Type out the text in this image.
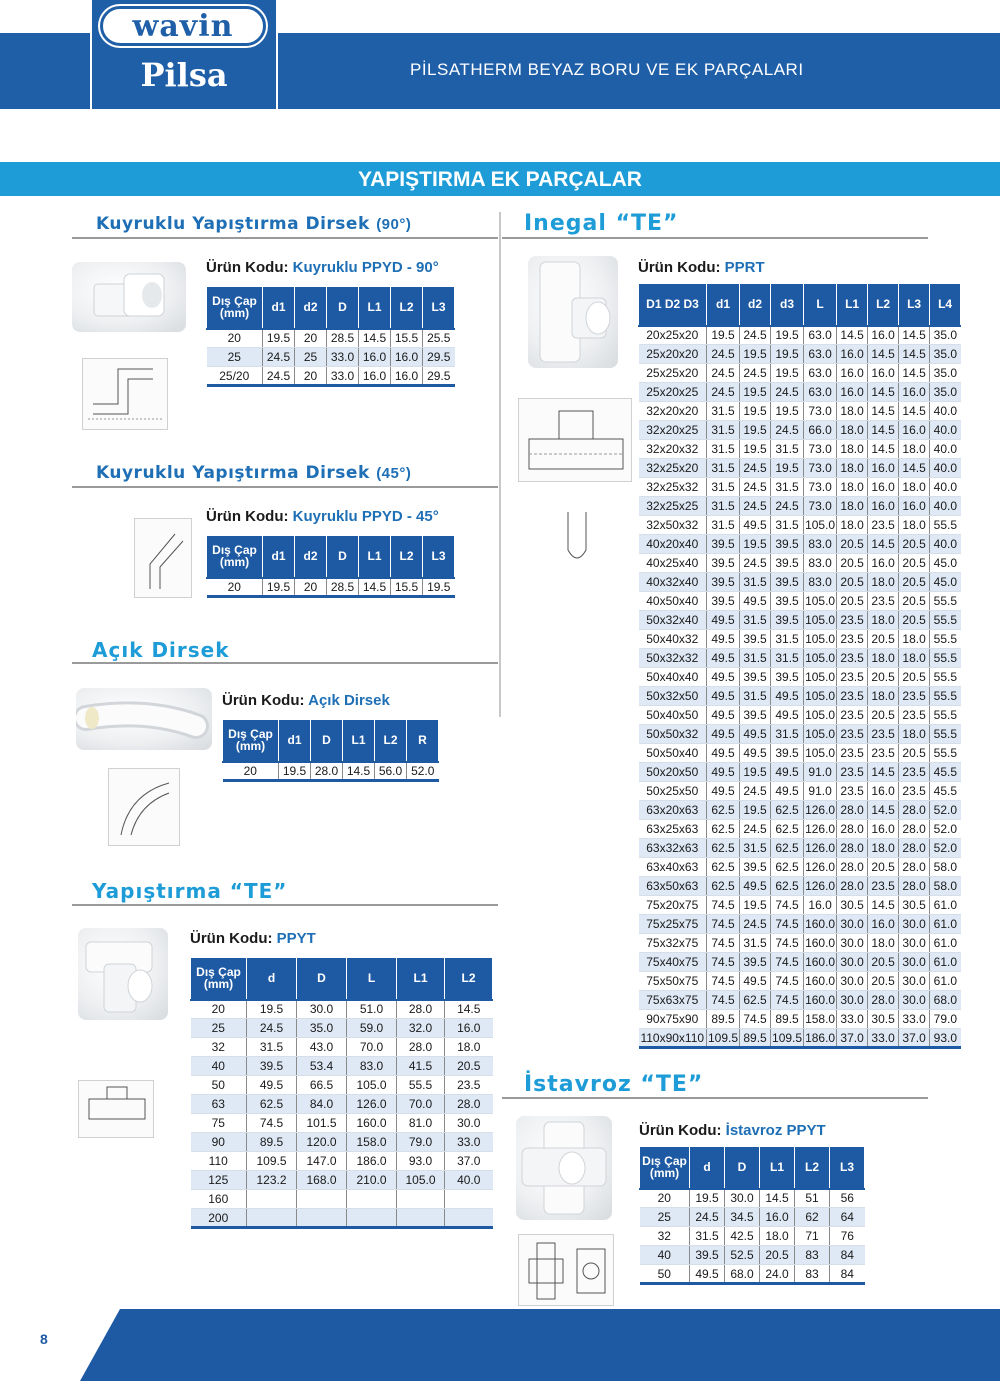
wavin
Pilsa	PİLSATHERM BEYAZ BORU VE EK PARÇALARI
YAPIŞTIRMA EK PARÇALAR
Kuyruklu Yapıştırma Dirsek (90°)
Ürün Kodu: Kuyruklu PPYD - 90°
Dış Çap (mm)	d1	d2	D	L1	L2	L3
20	19.5	20	28.5	14.5	15.5	25.5
25	24.5	25	33.0	16.0	16.0	29.5
25/20	24.5	20	33.0	16.0	16.0	29.5
Kuyruklu Yapıştırma Dirsek (45°)
Ürün Kodu: Kuyruklu PPYD - 45°
Dış Çap (mm)	d1	d2	D	L1	L2	L3
20	19.5	20	28.5	14.5	15.5	19.5
Açık Dirsek
Ürün Kodu: Açık Dirsek
Dış Çap (mm)	d1	D	L1	L2	R
20	19.5	28.0	14.5	56.0	52.0
Yapıştırma “TE”
Ürün Kodu: PPYT
Dış Çap (mm)	d	D	L	L1	L2
20	19.5	30.0	51.0	28.0	14.5
25	24.5	35.0	59.0	32.0	16.0
32	31.5	43.0	70.0	28.0	18.0
40	39.5	53.4	83.0	41.5	20.5
50	49.5	66.5	105.0	55.5	23.5
63	62.5	84.0	126.0	70.0	28.0
75	74.5	101.5	160.0	81.0	30.0
90	89.5	120.0	158.0	79.0	33.0
110	109.5	147.0	186.0	93.0	37.0
125	123.2	168.0	210.0	105.0	40.0
160					
200					
Inegal “TE”
Ürün Kodu: PPRT
D1 D2 D3	d1	d2	d3	L	L1	L2	L3	L4
20x25x20	19.5	24.5	19.5	63.0	14.5	16.0	14.5	35.0
25x20x20	24.5	19.5	19.5	63.0	16.0	14.5	14.5	35.0
25x25x20	24.5	24.5	19.5	63.0	16.0	16.0	14.5	35.0
25x20x25	24.5	19.5	24.5	63.0	16.0	14.5	16.0	35.0
32x20x20	31.5	19.5	19.5	73.0	18.0	14.5	14.5	40.0
32x20x25	31.5	19.5	24.5	66.0	18.0	14.5	16.0	40.0
32x20x32	31.5	19.5	31.5	73.0	18.0	14.5	18.0	40.0
32x25x20	31.5	24.5	19.5	73.0	18.0	16.0	14.5	40.0
32x25x32	31.5	24.5	31.5	73.0	18.0	16.0	18.0	40.0
32x25x25	31.5	24.5	24.5	73.0	18.0	16.0	16.0	40.0
32x50x32	31.5	49.5	31.5	105.0	18.0	23.5	18.0	55.5
40x20x40	39.5	19.5	39.5	83.0	20.5	14.5	20.5	40.0
40x25x40	39.5	24.5	39.5	83.0	20.5	16.0	20.5	45.0
40x32x40	39.5	31.5	39.5	83.0	20.5	18.0	20.5	45.0
40x50x40	39.5	49.5	39.5	105.0	20.5	23.5	20.5	55.5
50x32x40	49.5	31.5	39.5	105.0	23.5	18.0	20.5	55.5
50x40x32	49.5	39.5	31.5	105.0	23.5	20.5	18.0	55.5
50x32x32	49.5	31.5	31.5	105.0	23.5	18.0	18.0	55.5
50x40x40	49.5	39.5	39.5	105.0	23.5	20.5	20.5	55.5
50x32x50	49.5	31.5	49.5	105.0	23.5	18.0	23.5	55.5
50x40x50	49.5	39.5	49.5	105.0	23.5	20.5	23.5	55.5
50x50x32	49.5	49.5	31.5	105.0	23.5	23.5	18.0	55.5
50x50x40	49.5	49.5	39.5	105.0	23.5	23.5	20.5	55.5
50x20x50	49.5	19.5	49.5	91.0	23.5	14.5	23.5	45.5
50x25x50	49.5	24.5	49.5	91.0	23.5	16.0	23.5	45.5
63x20x63	62.5	19.5	62.5	126.0	28.0	14.5	28.0	52.0
63x25x63	62.5	24.5	62.5	126.0	28.0	16.0	28.0	52.0
63x32x63	62.5	31.5	62.5	126.0	28.0	18.0	28.0	52.0
63x40x63	62.5	39.5	62.5	126.0	28.0	20.5	28.0	58.0
63x50x63	62.5	49.5	62.5	126.0	28.0	23.5	28.0	58.0
75x20x75	74.5	19.5	74.5	16.0	30.5	14.5	30.5	61.0
75x25x75	74.5	24.5	74.5	160.0	30.0	16.0	30.0	61.0
75x32x75	74.5	31.5	74.5	160.0	30.0	18.0	30.0	61.0
75x40x75	74.5	39.5	74.5	160.0	30.0	20.5	30.0	61.0
75x50x75	74.5	49.5	74.5	160.0	30.0	20.5	30.0	61.0
75x63x75	74.5	62.5	74.5	160.0	30.0	28.0	30.0	68.0
90x75x90	89.5	74.5	89.5	158.0	33.0	30.5	33.0	79.0
110x90x110	109.5	89.5	109.5	186.0	37.0	33.0	37.0	93.0
İstavroz “TE”
Ürün Kodu: İstavroz PPYT
Dış Çap (mm)	d	D	L1	L2	L3
20	19.5	30.0	14.5	51	56
25	24.5	34.5	16.0	62	64
32	31.5	42.5	18.0	71	76
40	39.5	52.5	20.5	83	84
50	49.5	68.0	24.0	83	84
8
